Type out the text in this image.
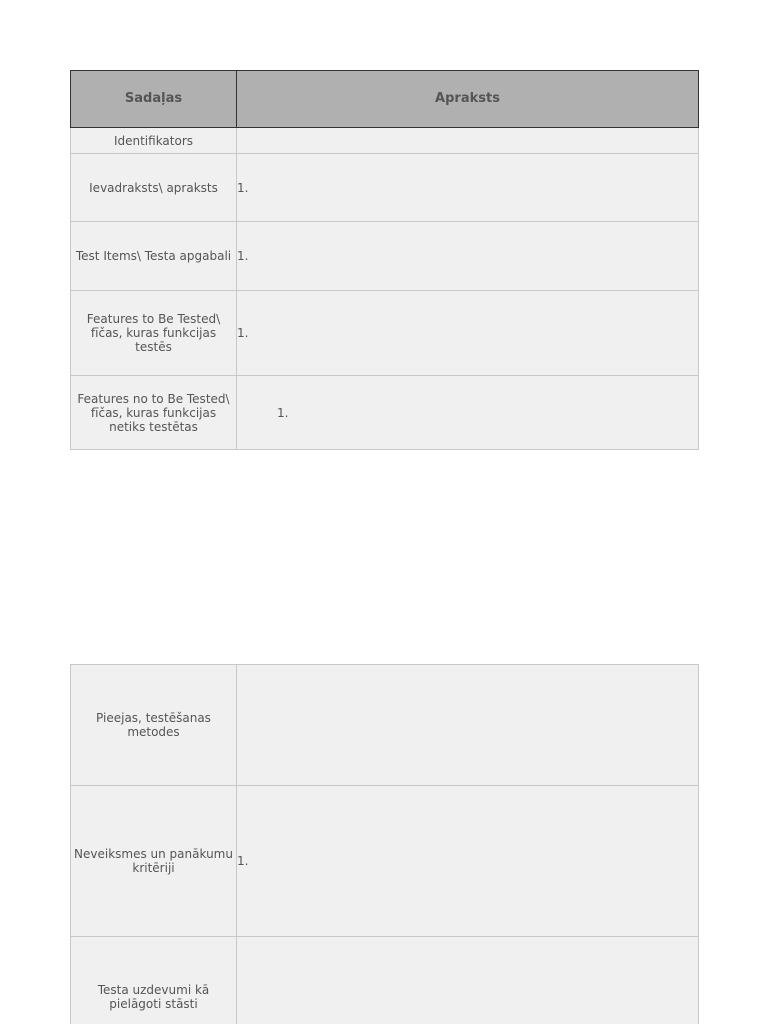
Sadaļas	Apraksts
Identifikators	
Ievadraksts\ apraksts	1.
Test Items\ Testa apgabali	1.
Features to Be Tested\ fīčas, kuras funkcijas testēs	1.
Features no to Be Tested\ fīčas, kuras funkcijas netiks testētas	1.
Pieejas, testēšanas metodes	
Neveiksmes un panākumu kritēriji	1.
Testa uzdevumi kā pielāgoti stāsti	
